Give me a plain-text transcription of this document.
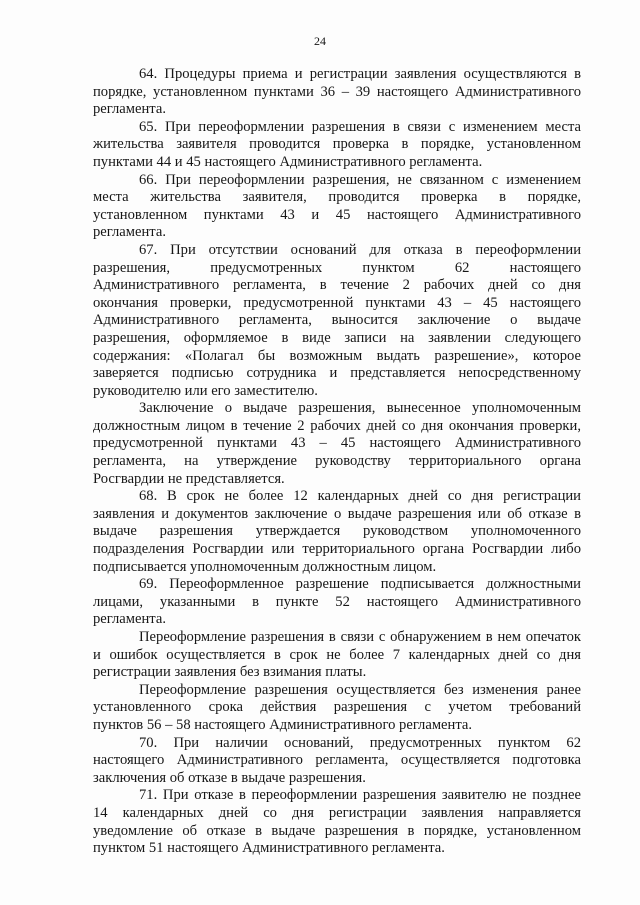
24
64. Процедуры приема и регистрации заявления осуществляются в
порядке, установленном пунктами 36 – 39 настоящего Административного
регламента.
65. При переоформлении разрешения в связи с изменением места
жительства заявителя проводится проверка в порядке, установленном
пунктами 44 и 45 настоящего Административного регламента.
66. При переоформлении разрешения, не связанном с изменением
места жительства заявителя, проводится проверка в порядке,
установленном пунктами 43 и 45 настоящего Административного
регламента.
67. При отсутствии оснований для отказа в переоформлении
разрешения, предусмотренных пунктом 62 настоящего
Административного регламента, в течение 2 рабочих дней со дня
окончания проверки, предусмотренной пунктами 43 – 45 настоящего
Административного регламента, выносится заключение о выдаче
разрешения, оформляемое в виде записи на заявлении следующего
содержания: «Полагал бы возможным выдать разрешение», которое
заверяется подписью сотрудника и представляется непосредственному
руководителю или его заместителю.
Заключение о выдаче разрешения, вынесенное уполномоченным
должностным лицом в течение 2 рабочих дней со дня окончания проверки,
предусмотренной пунктами 43 – 45 настоящего Административного
регламента, на утверждение руководству территориального органа
Росгвардии не представляется.
68. В срок не более 12 календарных дней со дня регистрации
заявления и документов заключение о выдаче разрешения или об отказе в
выдаче разрешения утверждается руководством уполномоченного
подразделения Росгвардии или территориального органа Росгвардии либо
подписывается уполномоченным должностным лицом.
69. Переоформленное разрешение подписывается должностными
лицами, указанными в пункте 52 настоящего Административного
регламента.
Переоформление разрешения в связи с обнаружением в нем опечаток
и ошибок осуществляется в срок не более 7 календарных дней со дня
регистрации заявления без взимания платы.
Переоформление разрешения осуществляется без изменения ранее
установленного срока действия разрешения с учетом требований
пунктов 56 – 58 настоящего Административного регламента.
70. При наличии оснований, предусмотренных пунктом 62
настоящего Административного регламента, осуществляется подготовка
заключения об отказе в выдаче разрешения.
71. При отказе в переоформлении разрешения заявителю не позднее
14 календарных дней со дня регистрации заявления направляется
уведомление об отказе в выдаче разрешения в порядке, установленном
пунктом 51 настоящего Административного регламента.
